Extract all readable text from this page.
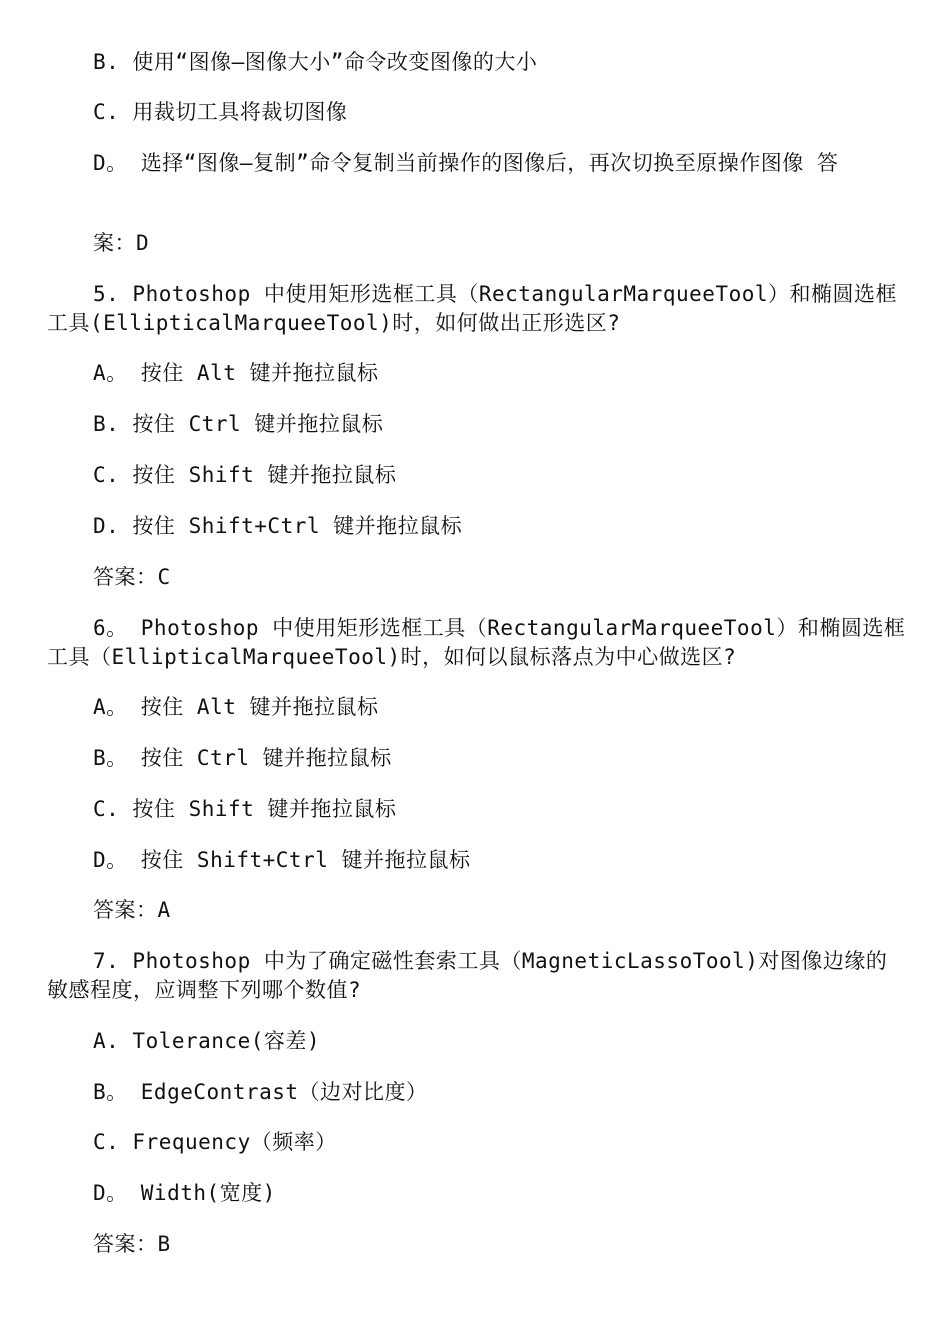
B. 使用“图像—图像大小”命令改变图像的大小
C. 用裁切工具将裁切图像
D。 选择“图像—复制”命令复制当前操作的图像后，再次切换至原操作图像 答
案：D
5. Photoshop 中使用矩形选框工具（RectangularMarqueeTool）和椭圆选框工具(EllipticalMarqueeTool)时，如何做出正形选区?
A。 按住 Alt 键并拖拉鼠标
B. 按住 Ctrl 键并拖拉鼠标
C. 按住 Shift 键并拖拉鼠标
D. 按住 Shift+Ctrl 键并拖拉鼠标
答案：C
6。 Photoshop 中使用矩形选框工具（RectangularMarqueeTool）和椭圆选框工具（EllipticalMarqueeTool)时，如何以鼠标落点为中心做选区?
A。 按住 Alt 键并拖拉鼠标
B。 按住 Ctrl 键并拖拉鼠标
C. 按住 Shift 键并拖拉鼠标
D。 按住 Shift+Ctrl 键并拖拉鼠标
答案：A
7. Photoshop 中为了确定磁性套索工具（MagneticLassoTool)对图像边缘的敏感程度，应调整下列哪个数值?
A. Tolerance(容差)
B。 EdgeContrast（边对比度）
C. Frequency（频率）
D。 Width(宽度)
答案：B
